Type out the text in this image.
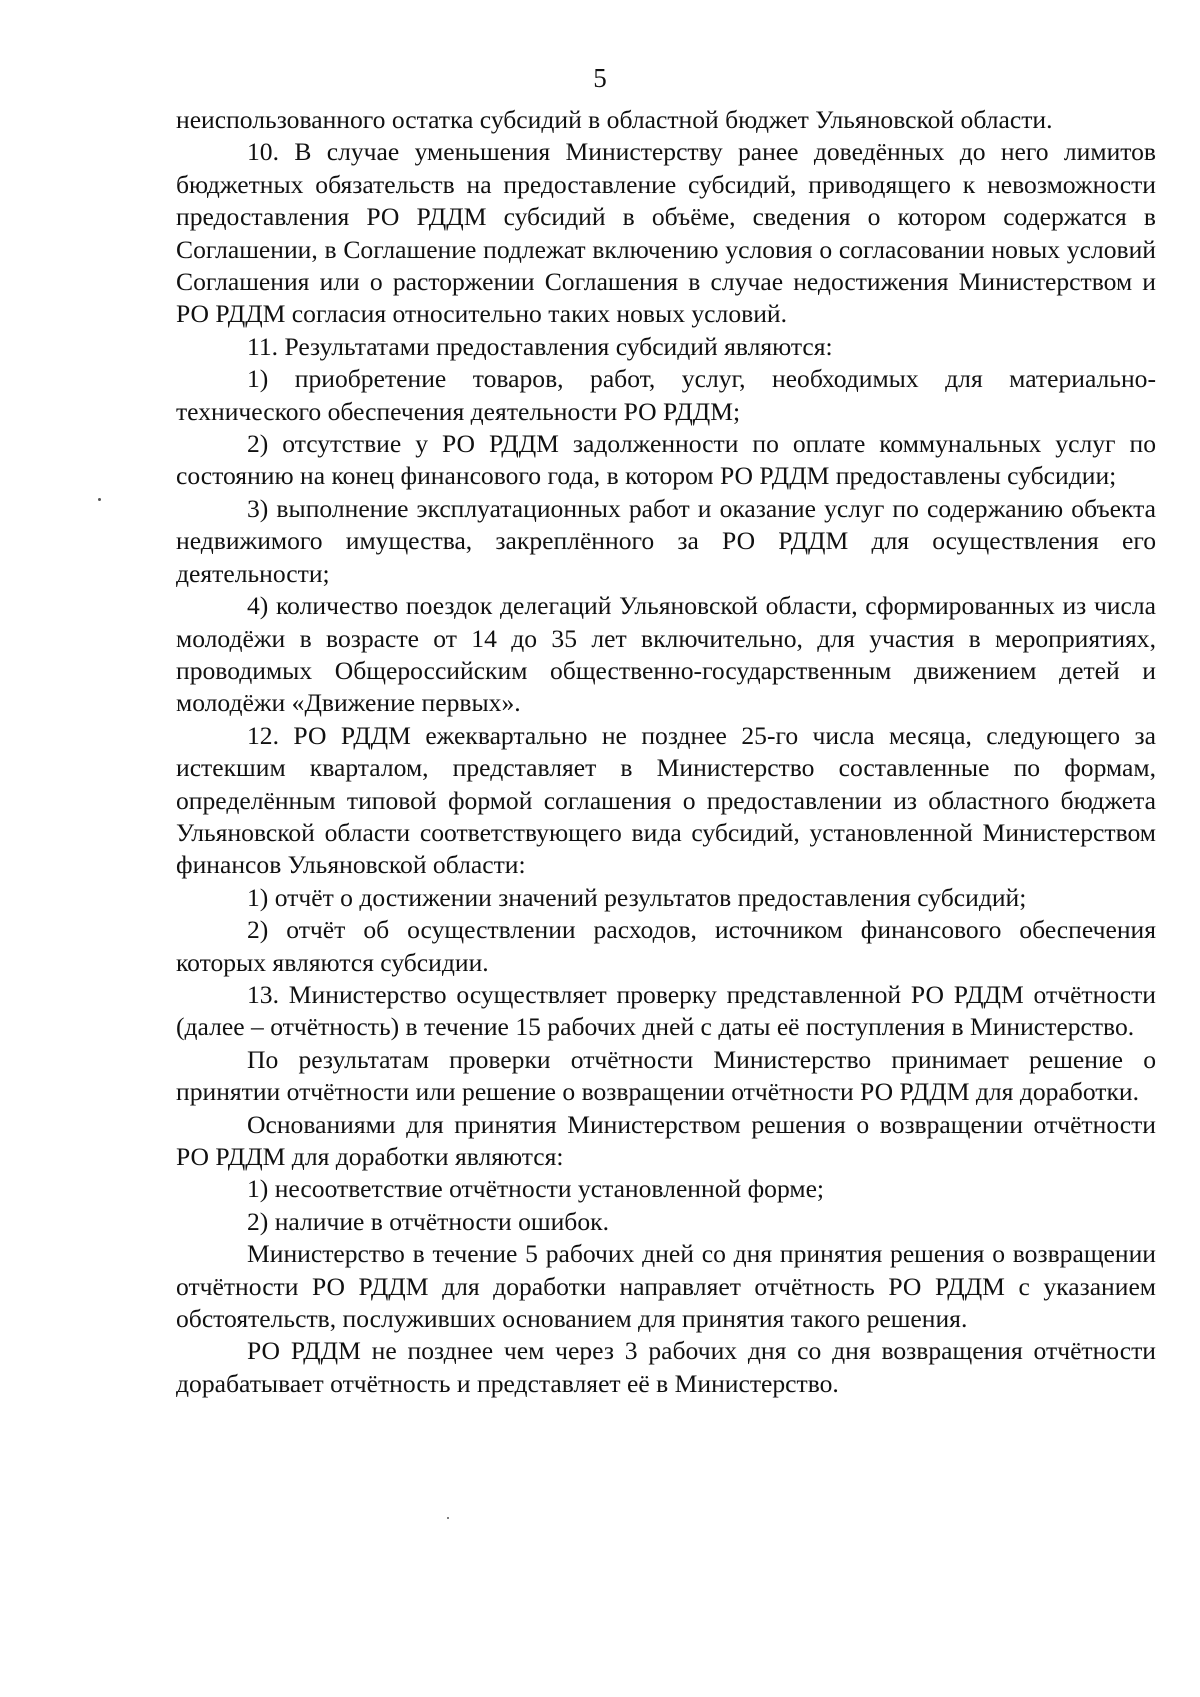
5

неиспользованного остатка субсидий в областной бюджет Ульяновской области.

10. В случае уменьшения Министерству ранее доведённых до него лимитов бюджетных обязательств на предоставление субсидий, приводящего к невозможности предоставления РО РДДМ субсидий в объёме, сведения о котором содержатся в Соглашении, в Соглашение подлежат включению условия о согласовании новых условий Соглашения или о расторжении Соглашения в случае недостижения Министерством и РО РДДМ согласия относительно таких новых условий.

11. Результатами предоставления субсидий являются:

1) приобретение товаров, работ, услуг, необходимых для материально-технического обеспечения деятельности РО РДДМ;

2) отсутствие у РО РДДМ задолженности по оплате коммунальных услуг по состоянию на конец финансового года, в котором РО РДДМ предоставлены субсидии;

3) выполнение эксплуатационных работ и оказание услуг по содержанию объекта недвижимого имущества, закреплённого за РО РДДМ для осуществления его деятельности;

4) количество поездок делегаций Ульяновской области, сформированных из числа молодёжи в возрасте от 14 до 35 лет включительно, для участия в мероприятиях, проводимых Общероссийским общественно-государственным движением детей и молодёжи «Движение первых».

12. РО РДДМ ежеквартально не позднее 25-го числа месяца, следующего за истекшим кварталом, представляет в Министерство составленные по формам, определённым типовой формой соглашения о предоставлении из областного бюджета Ульяновской области соответствующего вида субсидий, установленной Министерством финансов Ульяновской области:

1) отчёт о достижении значений результатов предоставления субсидий;

2) отчёт об осуществлении расходов, источником финансового обеспечения которых являются субсидии.

13. Министерство осуществляет проверку представленной РО РДДМ отчётности (далее – отчётность) в течение 15 рабочих дней с даты её поступления в Министерство.

По результатам проверки отчётности Министерство принимает решение о принятии отчётности или решение о возвращении отчётности РО РДДМ для доработки.

Основаниями для принятия Министерством решения о возвращении отчётности РО РДДМ для доработки являются:

1) несоответствие отчётности установленной форме;

2) наличие в отчётности ошибок.

Министерство в течение 5 рабочих дней со дня принятия решения о возвращении отчётности РО РДДМ для доработки направляет отчётность РО РДДМ с указанием обстоятельств, послуживших основанием для принятия такого решения.

РО РДДМ не позднее чем через 3 рабочих дня со дня возвращения отчётности дорабатывает отчётность и представляет её в Министерство.
